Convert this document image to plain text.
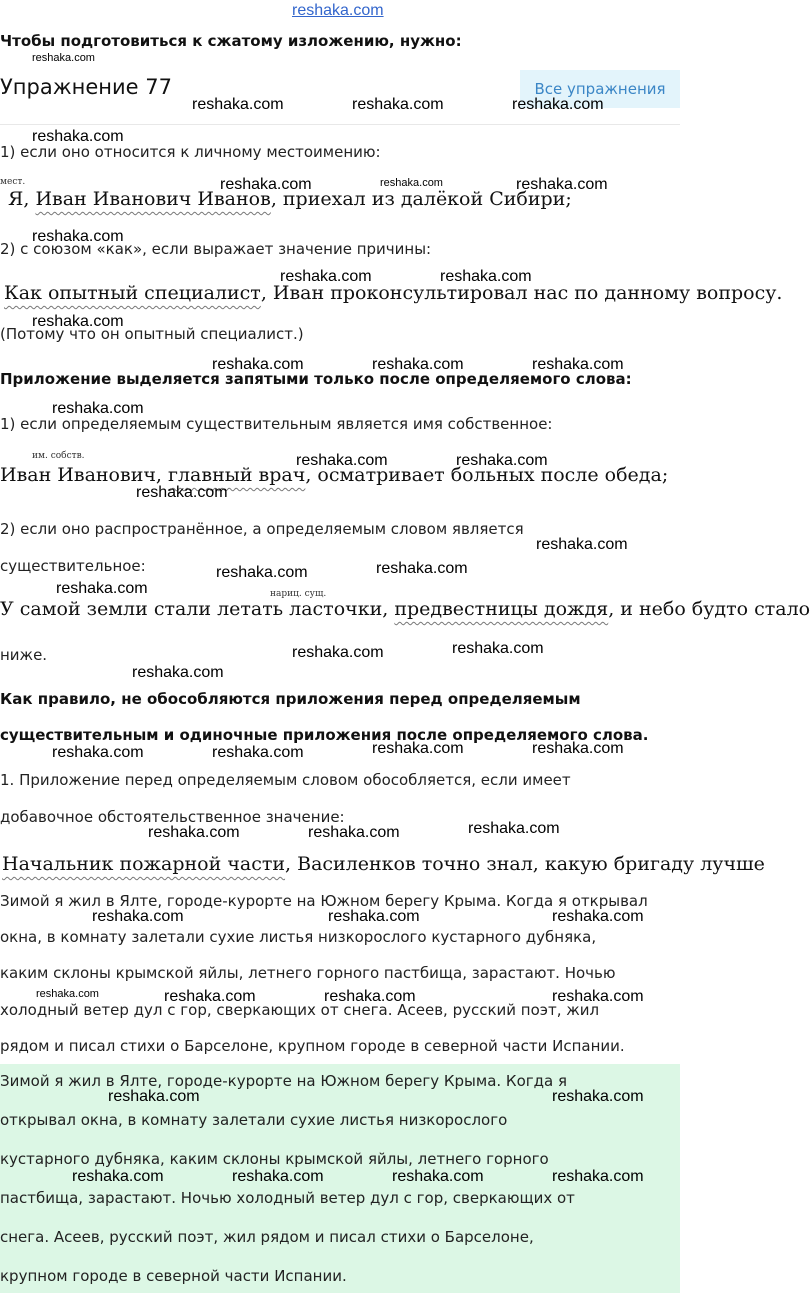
reshaka.com
Чтобы подготовиться к сжатому изложению, нужно:
Упражнение 77	Все упражнения
1) если оно относится к личному местоимению:
мест.
Я, Иван Иванович Иванов, приехал из далёкой Сибири;
2) с союзом «как», если выражает значение причины:
Как опытный специалист, Иван проконсультировал нас по данному вопросу.
(Потому что он опытный специалист.)
Приложение выделяется запятыми только после определяемого слова:
1) если определяемым существительным является имя собственное:
им. собств.
Иван Иванович, главный врач, осматривает больных после обеда;
2) если оно распространённое, а определяемым словом является
существительное:
нариц. сущ.
У самой земли стали летать ласточки, предвестницы дождя, и небо будто стало
ниже.
Как правило, не обособляются приложения перед определяемым
существительным и одиночные приложения после определяемого слова.
1. Приложение перед определяемым словом обособляется, если имеет
добавочное обстоятельственное значение:
Начальник пожарной части, Василенков точно знал, какую бригаду лучше
Зимой я жил в Ялте, городе-курорте на Южном берегу Крыма. Когда я открывал
окна, в комнату залетали сухие листья низкорослого кустарного дубняка,
каким склоны крымской яйлы, летнего горного пастбища, зарастают. Ночью
холодный ветер дул с гор, сверкающих от снега. Асеев, русский поэт, жил
рядом и писал стихи о Барселоне, крупном городе в северной части Испании.
Зимой я жил в Ялте, городе-курорте на Южном берегу Крыма. Когда я
открывал окна, в комнату залетали сухие листья низкорослого
кустарного дубняка, каким склоны крымской яйлы, летнего горного
пастбища, зарастают. Ночью холодный ветер дул с гор, сверкающих от
снега. Асеев, русский поэт, жил рядом и писал стихи о Барселоне,
крупном городе в северной части Испании.
reshaka.com
reshaka.com	reshaka.com	reshaka.com
reshaka.com
reshaka.com	reshaka.com	reshaka.com
reshaka.com
reshaka.com	reshaka.com
reshaka.com
reshaka.com	reshaka.com	reshaka.com
reshaka.com
reshaka.com	reshaka.com
reshaka.com
reshaka.com
reshaka.com	reshaka.com
reshaka.com
reshaka.com	reshaka.com
reshaka.com
reshaka.com	reshaka.com	reshaka.com	reshaka.com
reshaka.com	reshaka.com	reshaka.com
reshaka.com	reshaka.com	reshaka.com
reshaka.com	reshaka.com	reshaka.com	reshaka.com
reshaka.com	reshaka.com
reshaka.com	reshaka.com	reshaka.com	reshaka.com
